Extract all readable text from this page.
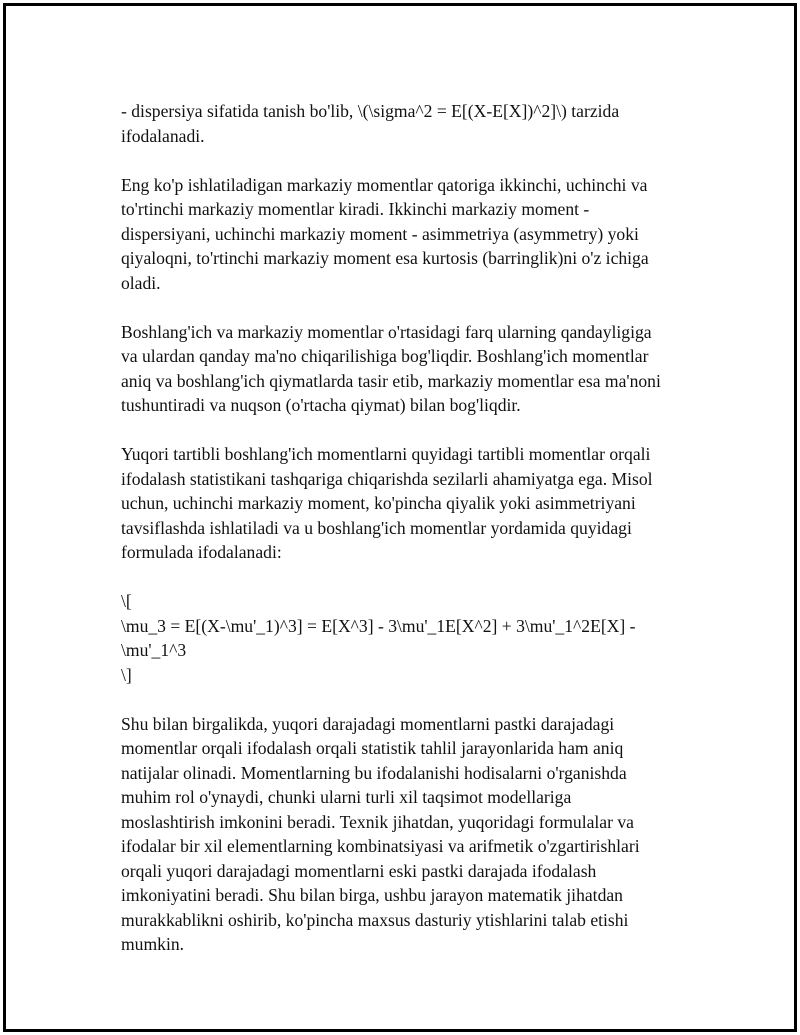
- dispersiya sifatida tanish bo'lib, \(\sigma^2 = E[(X-E[X])^2]\) tarzida
ifodalanadi.

Eng ko'p ishlatiladigan markaziy momentlar qatoriga ikkinchi, uchinchi va
to'rtinchi markaziy momentlar kiradi. Ikkinchi markaziy moment -
dispersiyani, uchinchi markaziy moment - asimmetriya (asymmetry) yoki
qiyaloqni, to'rtinchi markaziy moment esa kurtosis (barringlik)ni o'z ichiga
oladi.

Boshlang'ich va markaziy momentlar o'rtasidagi farq ularning qandayligiga
va ulardan qanday ma'no chiqarilishiga bog'liqdir. Boshlang'ich momentlar
aniq va boshlang'ich qiymatlarda tasir etib, markaziy momentlar esa ma'noni
tushuntiradi va nuqson (o'rtacha qiymat) bilan bog'liqdir.

Yuqori tartibli boshlang'ich momentlarni quyidagi tartibli momentlar orqali
ifodalash statistikani tashqariga chiqarishda sezilarli ahamiyatga ega. Misol
uchun, uchinchi markaziy moment, ko'pincha qiyalik yoki asimmetriyani
tavsiflashda ishlatiladi va u boshlang'ich momentlar yordamida quyidagi
formulada ifodalanadi:

\[
\mu_3 = E[(X-\mu'_1)^3] = E[X^3] - 3\mu'_1E[X^2] + 3\mu'_1^2E[X] -
\mu'_1^3
\]

Shu bilan birgalikda, yuqori darajadagi momentlarni pastki darajadagi
momentlar orqali ifodalash orqali statistik tahlil jarayonlarida ham aniq
natijalar olinadi. Momentlarning bu ifodalanishi hodisalarni o'rganishda
muhim rol o'ynaydi, chunki ularni turli xil taqsimot modellariga
moslashtirish imkonini beradi. Texnik jihatdan, yuqoridagi formulalar va
ifodalar bir xil elementlarning kombinatsiyasi va arifmetik o'zgartirishlari
orqali yuqori darajadagi momentlarni eski pastki darajada ifodalash
imkoniyatini beradi. Shu bilan birga, ushbu jarayon matematik jihatdan
murakkablikni oshirib, ko'pincha maxsus dasturiy ytishlarini talab etishi
mumkin.
